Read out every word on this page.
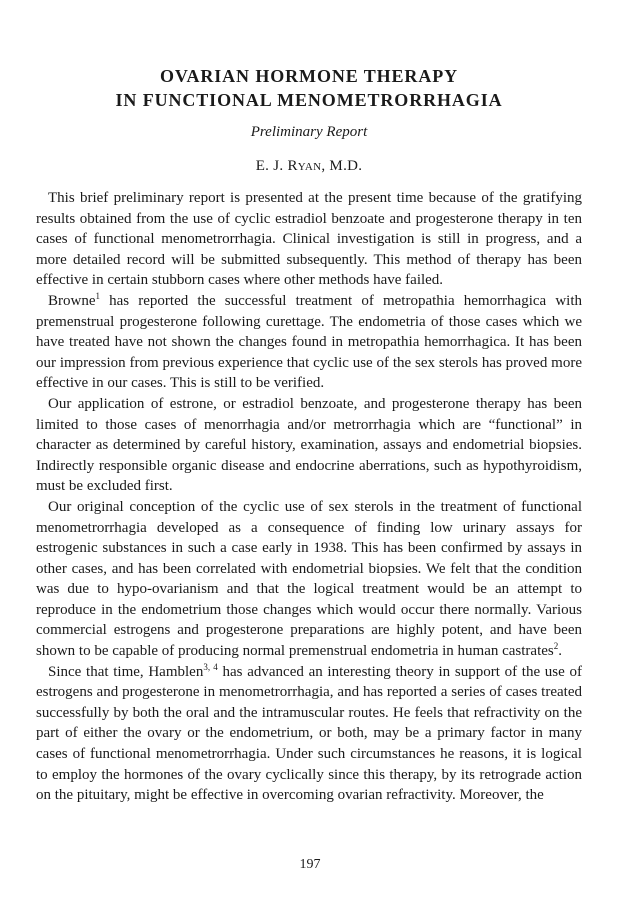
OVARIAN HORMONE THERAPY
IN FUNCTIONAL MENOMETRORRHAGIA
Preliminary Report
E. J. Ryan, M.D.

This brief preliminary report is presented at the present time because of the gratifying results obtained from the use of cyclic estradiol benzoate and progesterone therapy in ten cases of functional menometrorrhagia. Clinical investigation is still in progress, and a more detailed record will be submitted subsequently. This method of therapy has been effective in certain stubborn cases where other methods have failed.

Browne$^1$ has reported the successful treatment of metropathia hemorrhagica with premenstrual progesterone following curettage. The endometria of those cases which we have treated have not shown the changes found in metropathia hemorrhagica. It has been our impression from previous experience that cyclic use of the sex sterols has proved more effective in our cases. This is still to be verified.

Our application of estrone, or estradiol benzoate, and progesterone therapy has been limited to those cases of menorrhagia and/or metrorrhagia which are “functional” in character as determined by careful history, examination, assays and endometrial biopsies. Indirectly responsible organic disease and endocrine aberrations, such as hypothyroidism, must be excluded first.

Our original conception of the cyclic use of sex sterols in the treatment of functional menometrorrhagia developed as a consequence of finding low urinary assays for estrogenic substances in such a case early in 1938. This has been confirmed by assays in other cases, and has been correlated with endometrial biopsies. We felt that the condition was due to hypo-ovarianism and that the logical treatment would be an attempt to reproduce in the endometrium those changes which would occur there normally. Various commercial estrogens and progesterone preparations are highly potent, and have been shown to be capable of producing normal premenstrual endometria in human castrates$^2$.

Since that time, Hamblen$^{3, 4}$ has advanced an interesting theory in support of the use of estrogens and progesterone in menometrorrhagia, and has reported a series of cases treated successfully by both the oral and the intramuscular routes. He feels that refractivity on the part of either the ovary or the endometrium, or both, may be a primary factor in many cases of functional menometrorrhagia. Under such circumstances he reasons, it is logical to employ the hormones of the ovary cyclically since this therapy, by its retrograde action on the pituitary, might be effective in overcoming ovarian refractivity. Moreover, the

197
